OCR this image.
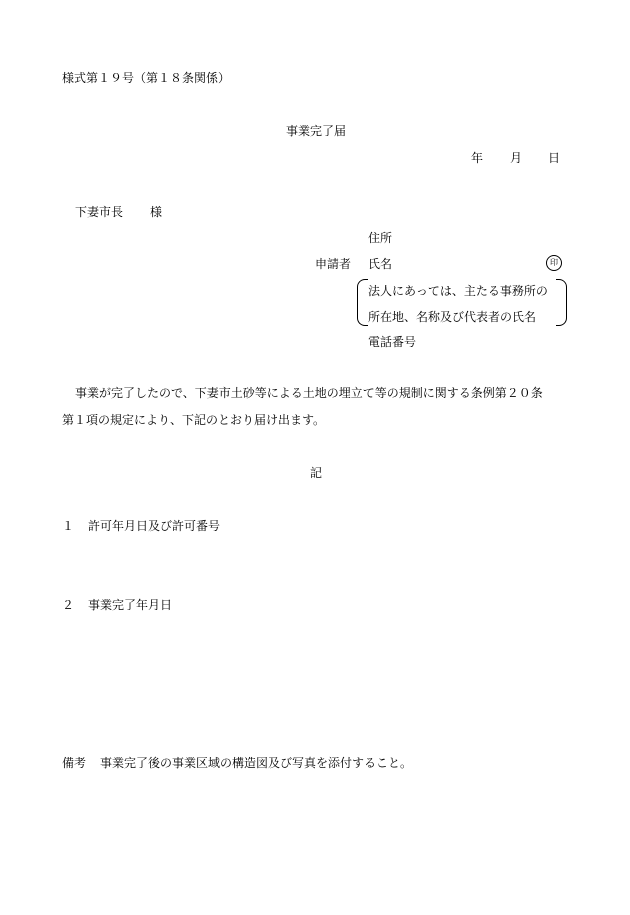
様式第１９号（第１８条関係）
事業完了届
年 月 日
下妻市長 様
住所
申請者 氏名	印
法人にあっては、主たる事務所の
所在地、名称及び代表者の氏名
電話番号
事業が完了したので、下妻市土砂等による土地の埋立て等の規制に関する条例第２０条
第１項の規定により、下記のとおり届け出ます。
記
１ 許可年月日及び許可番号
２ 事業完了年月日
備考 事業完了後の事業区域の構造図及び写真を添付すること。
